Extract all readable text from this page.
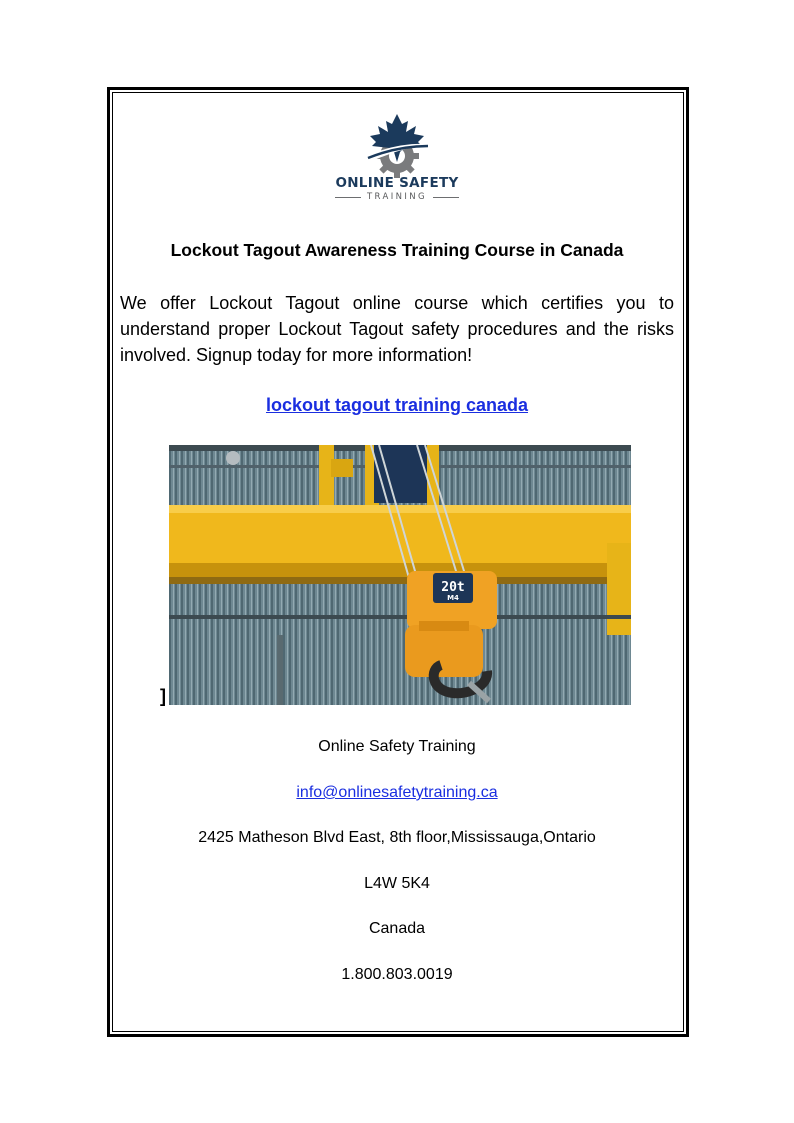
ONLINE SAFETY
TRAINING
Lockout Tagout Awareness Training Course in Canada
We offer Lockout Tagout online course which certifies you to understand proper Lockout Tagout safety procedures and the risks involved. Signup today for more information!
lockout tagout training canada
20t
M4
]
Online Safety Training
info@onlinesafetytraining.ca
2425 Matheson Blvd East, 8th floor,Mississauga,Ontario
L4W 5K4
Canada
1.800.803.0019
